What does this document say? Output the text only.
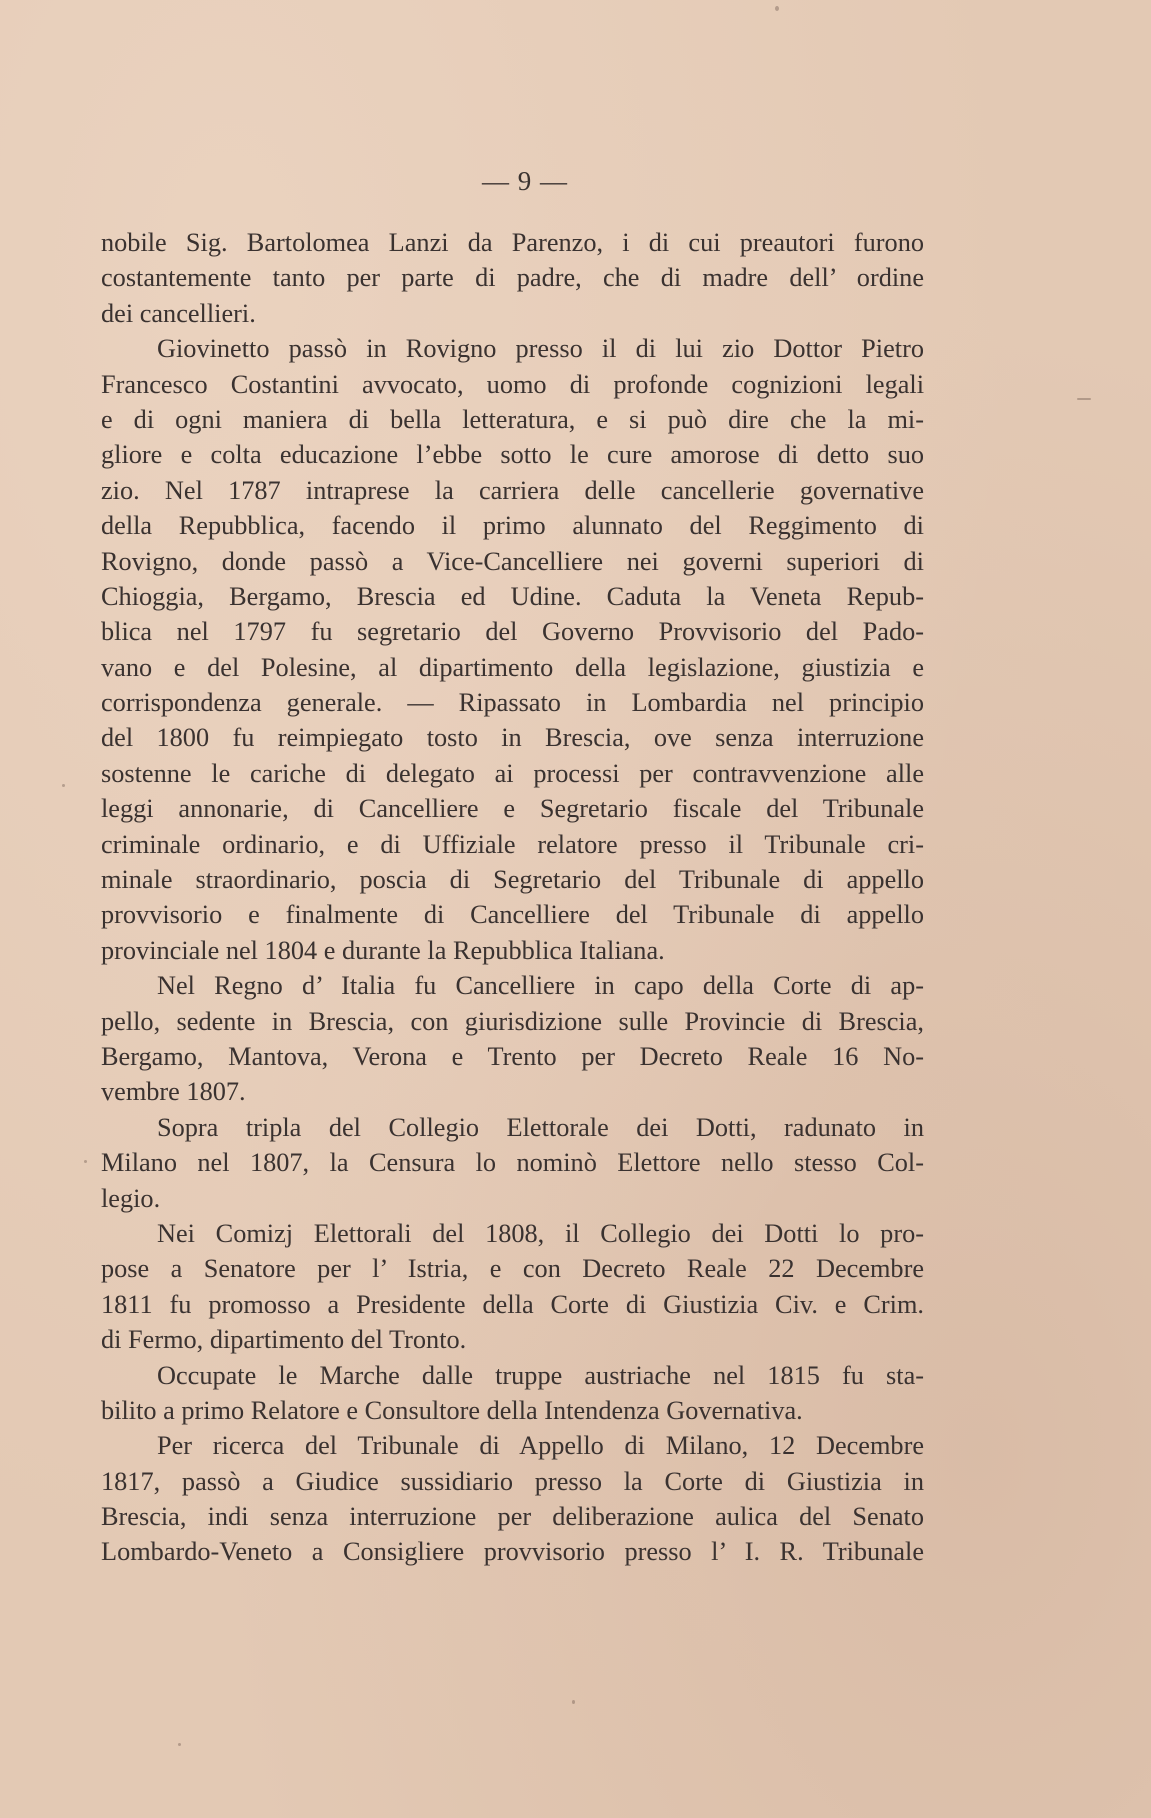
— 9 —
nobile Sig. Bartolomea Lanzi da Parenzo, i di cui preautori furono
costantemente tanto per parte di padre, che di madre dell’ ordine
dei cancellieri.
Giovinetto passò in Rovigno presso il di lui zio Dottor Pietro
Francesco Costantini avvocato, uomo di profonde cognizioni legali
e di ogni maniera di bella letteratura, e si può dire che la mi-
gliore e colta educazione l’ebbe sotto le cure amorose di detto suo
zio. Nel 1787 intraprese la carriera delle cancellerie governative
della Repubblica, facendo il primo alunnato del Reggimento di
Rovigno, donde passò a Vice-Cancelliere nei governi superiori di
Chioggia, Bergamo, Brescia ed Udine. Caduta la Veneta Repub-
blica nel 1797 fu segretario del Governo Provvisorio del Pado-
vano e del Polesine, al dipartimento della legislazione, giustizia e
corrispondenza generale. — Ripassato in Lombardia nel principio
del 1800 fu reimpiegato tosto in Brescia, ove senza interruzione
sostenne le cariche di delegato ai processi per contravvenzione alle
leggi annonarie, di Cancelliere e Segretario fiscale del Tribunale
criminale ordinario, e di Uffiziale relatore presso il Tribunale cri-
minale straordinario, poscia di Segretario del Tribunale di appello
provvisorio e finalmente di Cancelliere del Tribunale di appello
provinciale nel 1804 e durante la Repubblica Italiana.
Nel Regno d’ Italia fu Cancelliere in capo della Corte di ap-
pello, sedente in Brescia, con giurisdizione sulle Provincie di Brescia,
Bergamo, Mantova, Verona e Trento per Decreto Reale 16 No-
vembre 1807.
Sopra tripla del Collegio Elettorale dei Dotti, radunato in
Milano nel 1807, la Censura lo nominò Elettore nello stesso Col-
legio.
Nei Comizj Elettorali del 1808, il Collegio dei Dotti lo pro-
pose a Senatore per l’ Istria, e con Decreto Reale 22 Decembre
1811 fu promosso a Presidente della Corte di Giustizia Civ. e Crim.
di Fermo, dipartimento del Tronto.
Occupate le Marche dalle truppe austriache nel 1815 fu sta-
bilito a primo Relatore e Consultore della Intendenza Governativa.
Per ricerca del Tribunale di Appello di Milano, 12 Decembre
1817, passò a Giudice sussidiario presso la Corte di Giustizia in
Brescia, indi senza interruzione per deliberazione aulica del Senato
Lombardo-Veneto a Consigliere provvisorio presso l’ I. R. Tribunale
